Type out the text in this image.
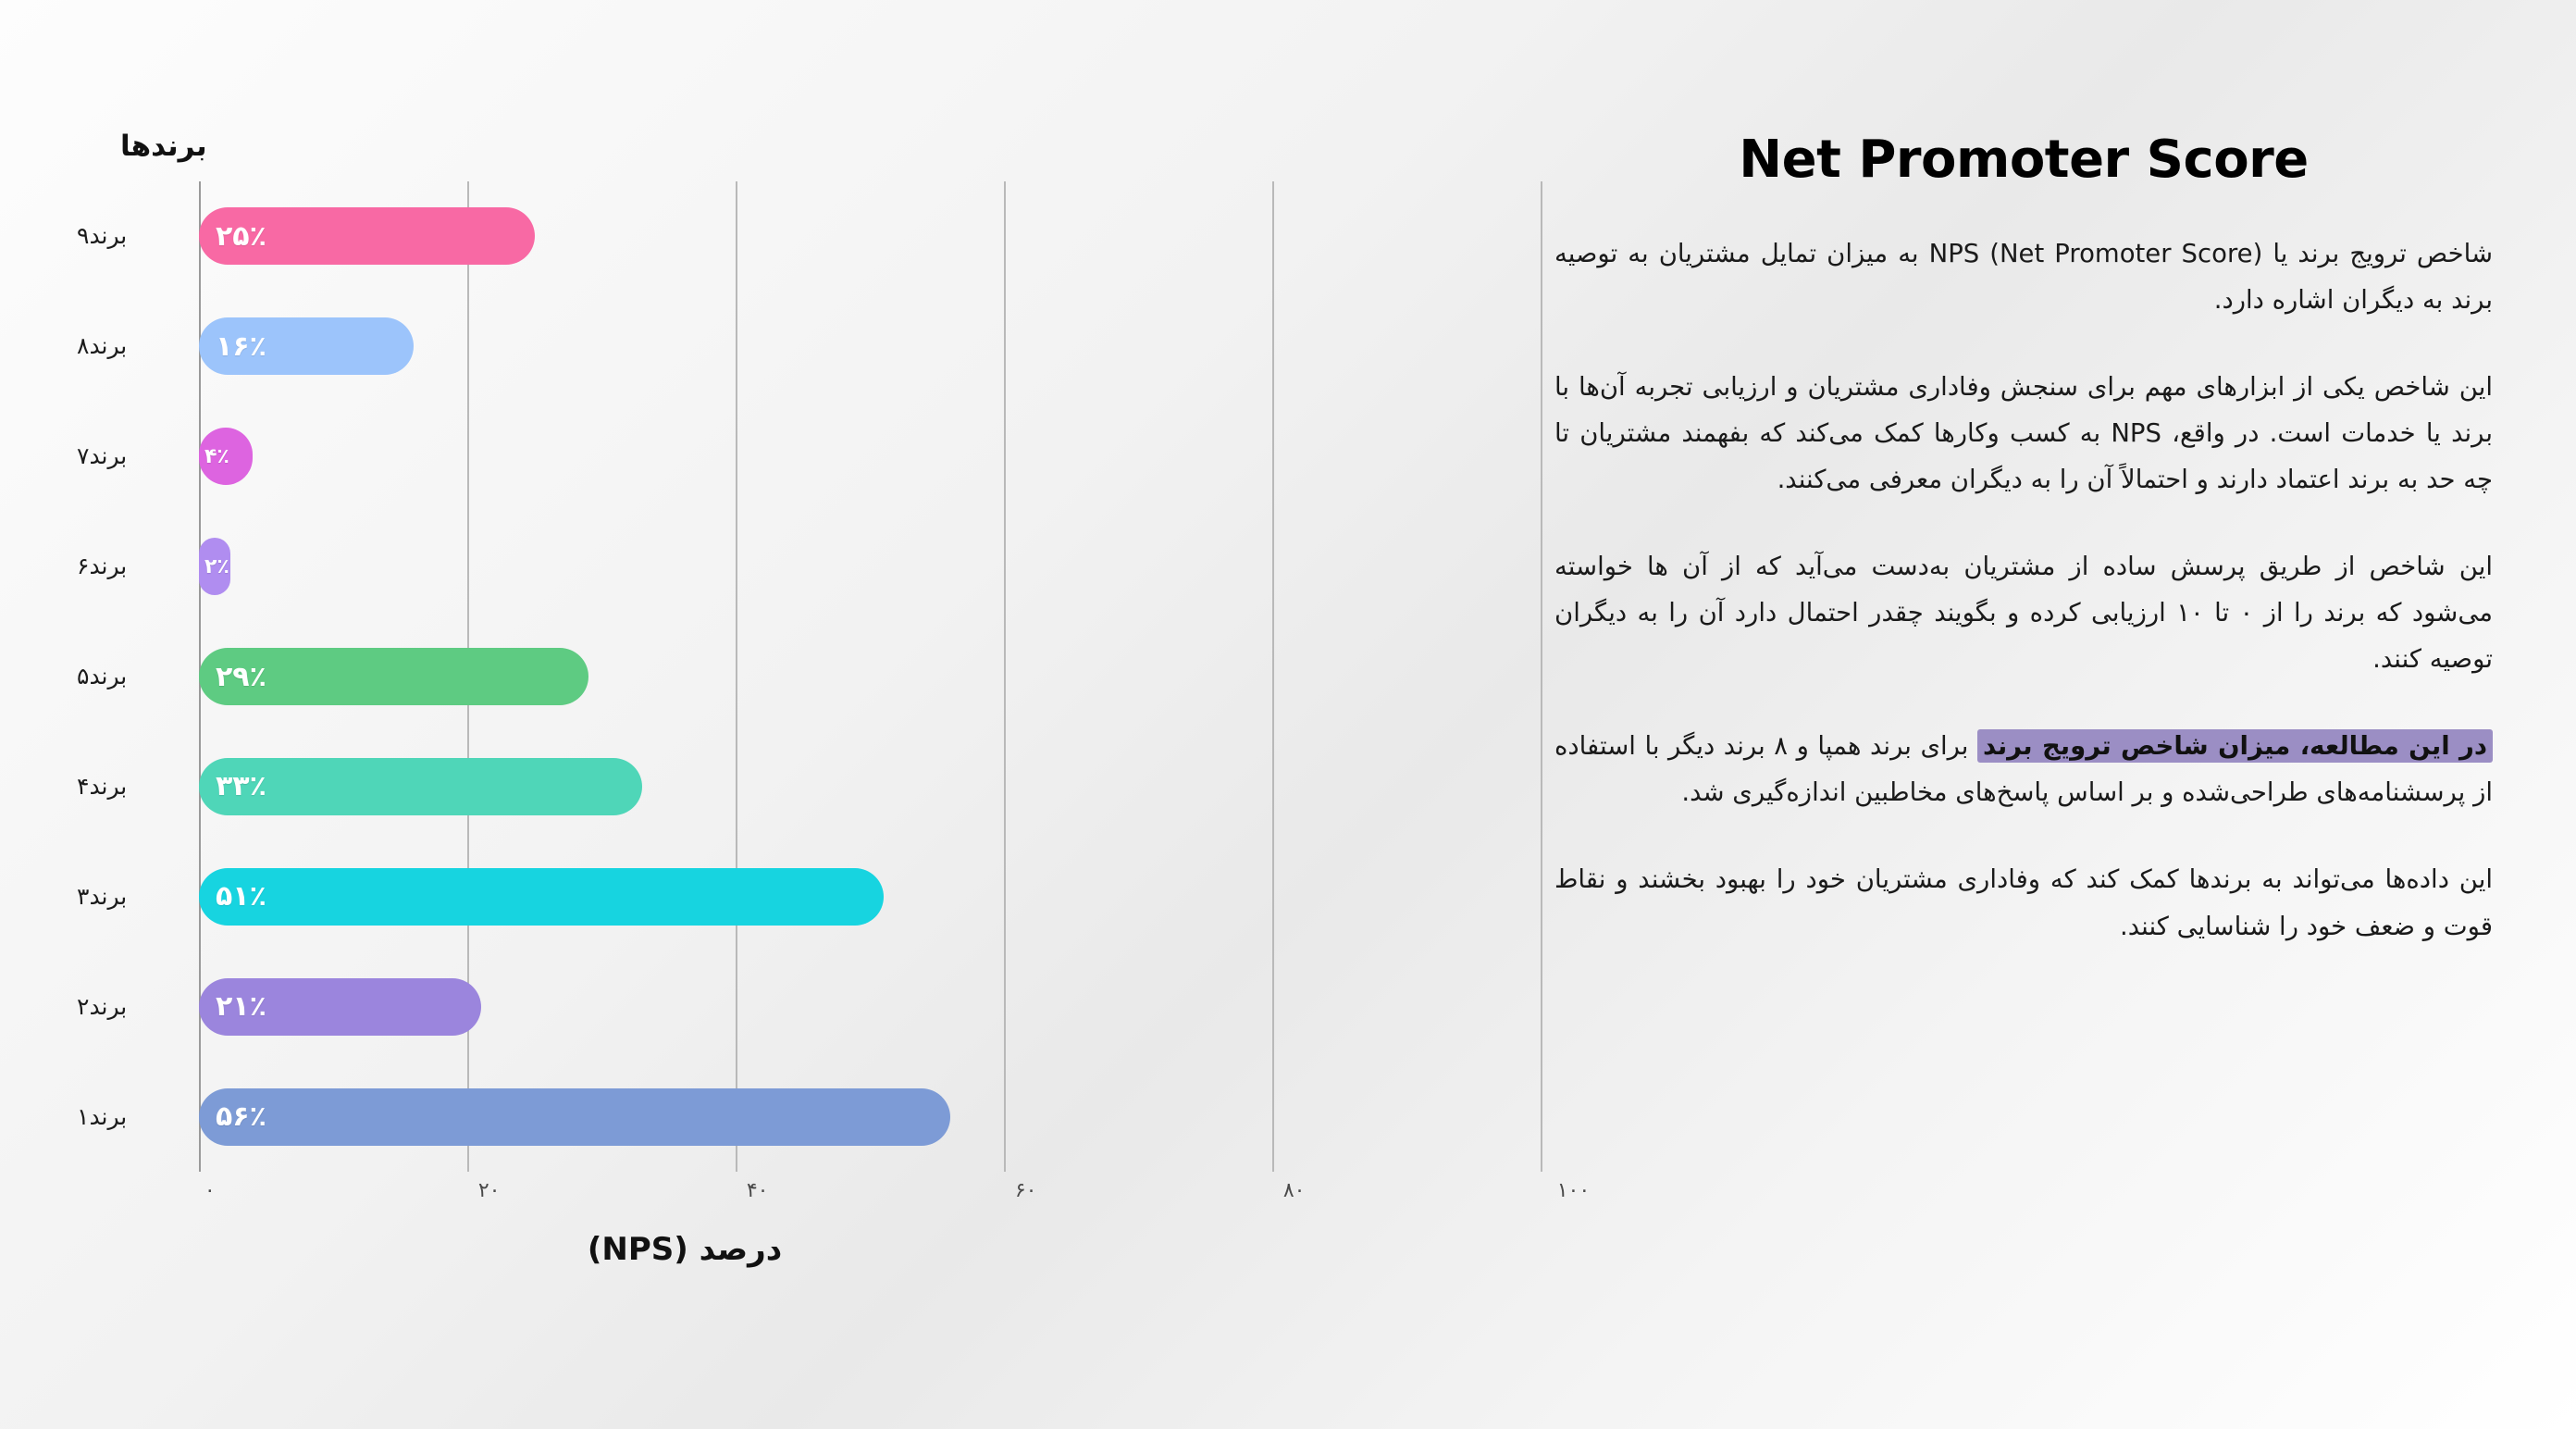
برندها
۰	۲۰	۴۰	۶۰	۸۰	۱۰۰
۵۶٪
برند۱
۲۱٪
برند۲
۵۱٪
برند۳
۳۳٪
برند۴
۲۹٪
برند۵
۲٪
برند۶
۴٪
برند۷
۱۶٪
برند۸
۲۵٪
برند۹
درصد (NPS)
Net Promoter Score

شاخص ترویج برند یا NPS (Net Promoter Score) به میزان تمایل مشتریان به توصیه برند به دیگران اشاره دارد.

این شاخص یکی از ابزارهای مهم برای سنجش وفاداری مشتریان و ارزیابی تجربه آن‌ها با برند یا خدمات است. در واقع، NPS به کسب وکارها کمک می‌کند که بفهمند مشتریان تا چه حد به برند اعتماد دارند و احتمالاً آن را به دیگران معرفی می‌کنند.

این شاخص از طریق پرسش ساده از مشتریان به‌دست می‌آید که از آن ها خواسته می‌شود که برند را از ۰ تا ۱۰ ارزیابی کرده و بگویند چقدر احتمال دارد آن را به دیگران توصیه کنند.

در این مطالعه، میزان شاخص ترویج برند برای برند همپا و ۸ برند دیگر با استفاده از پرسشنامه‌های طراحی‌شده و بر اساس پاسخ‌های مخاطبین اندازه‌گیری شد.

این داده‌ها می‌تواند به برندها کمک کند که وفاداری مشتریان خود را بهبود بخشند و نقاط قوت و ضعف خود را شناسایی کنند.
